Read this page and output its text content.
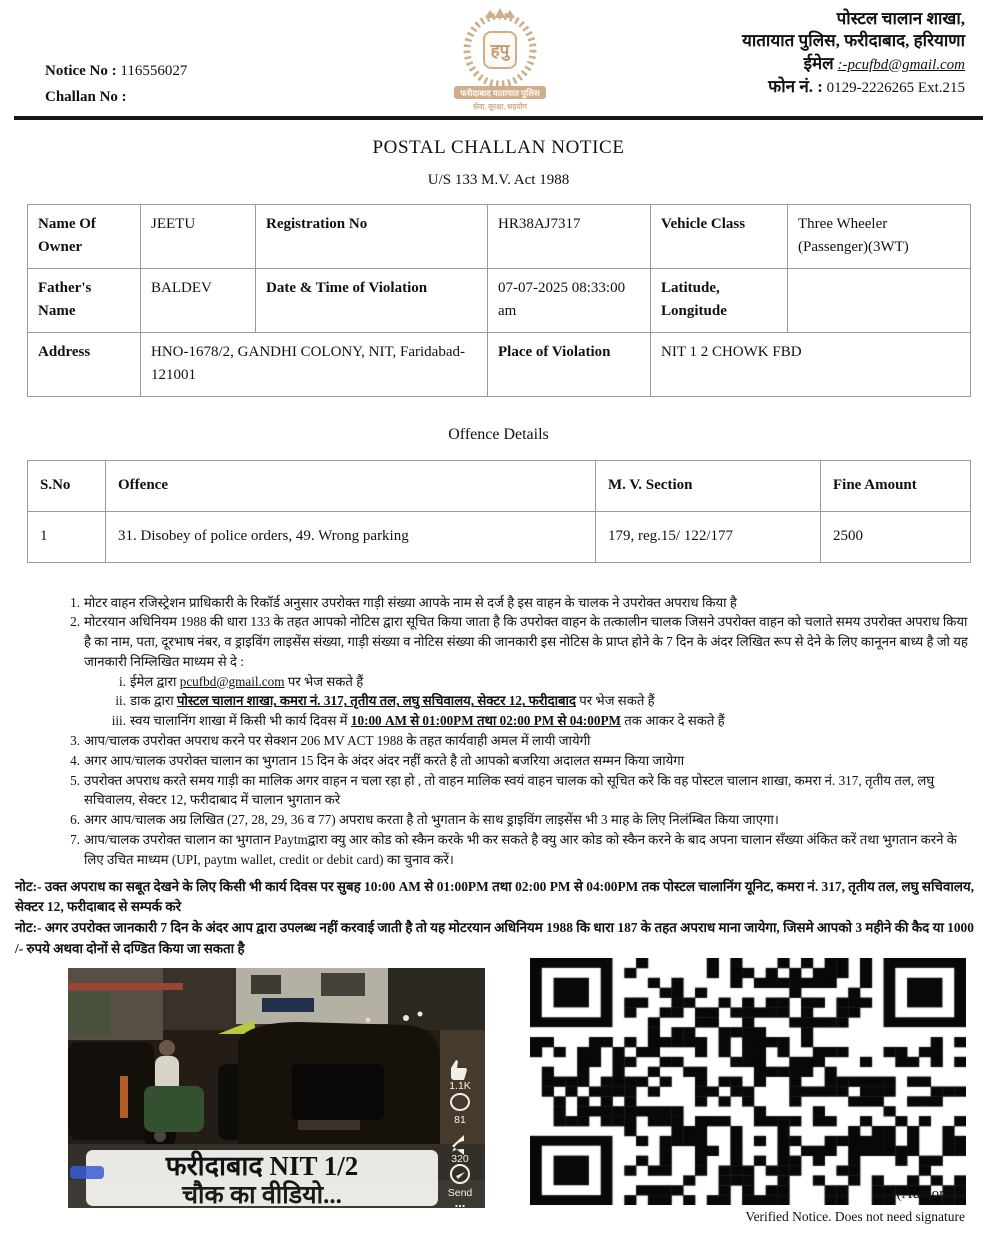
Notice No : 116556027
Challan No :
हपु
फरीदाबाद यातायात पुलिस
सेवा, सुरक्षा, सहयोग
पोस्टल चालान शाखा,
यातायात पुलिस, फरीदाबाद, हरियाणा
ईमेल :-pcufbd@gmail.com
फोन नं. : 0129-2226265 Ext.215
POSTAL CHALLAN NOTICE
U/S 133 M.V. Act 1988
Name Of Owner	JEETU	Registration No	HR38AJ7317	Vehicle Class	Three Wheeler (Passenger)(3WT)
Father's Name	BALDEV	Date & Time of Violation	07-07-2025 08:33:00 am	Latitude, Longitude	
Address	HNO-1678/2, GANDHI COLONY, NIT, Faridabad-121001		Place of Violation	NIT 1 2 CHOWK FBD	
Offence Details
S.No	Offence	M. V. Section	Fine Amount
1	31. Disobey of police orders, 49. Wrong parking	179, reg.15/ 122/177	2500
1. मोटर वाहन रजिस्ट्रेशन प्राधिकारी के रिकॉर्ड अनुसार उपरोक्त गाड़ी संख्या आपके नाम से दर्ज है इस वाहन के चालक ने उपरोक्त अपराध किया है
2. मोटरयान अधिनियम 1988 की धारा 133 के तहत आपको नोटिस द्वारा सूचित किया जाता है कि उपरोक्त वाहन के तत्कालीन चालक जिसने उपरोक्त वाहन को चलाते समय उपरोक्त अपराध किया है का नाम, पता, दूरभाष नंबर, व ड्राइविंग लाइसेंस संख्या, गाड़ी संख्या व नोटिस संख्या की जानकारी इस नोटिस के प्राप्त होने के 7 दिन के अंदर लिखित रूप से देने के लिए कानूनन बाध्य है जो यह जानकारी निम्लिखित माध्यम से दे :
i. ईमेल द्वारा pcufbd@gmail.com पर भेज सकते हैं
ii. डाक द्वारा पोस्टल चालान शाखा, कमरा नं. 317, तृतीय तल, लघु सचिवालय, सेक्टर 12, फरीदाबाद पर भेज सकते हैं
iii. स्वय चालानिंग शाखा में किसी भी कार्य दिवस में 10:00 AM से 01:00PM तथा 02:00 PM से 04:00PM तक आकर दे सकते हैं
3. आप/चालक उपरोक्त अपराध करने पर सेक्शन 206 MV ACT 1988 के तहत कार्यवाही अमल में लायी जायेगी
4. अगर आप/चालक उपरोक्त चालान का भुगतान 15 दिन के अंदर अंदर नहीं करते है तो आपको बजरिया अदालत सम्मन किया जायेगा
5. उपरोक्त अपराध करते समय गाड़ी का मालिक अगर वाहन न चला रहा हो , तो वाहन मालिक स्वयं वाहन चालक को सूचित करे कि वह पोस्टल चालान शाखा, कमरा नं. 317, तृतीय तल, लघु सचिवालय, सेक्टर 12, फरीदाबाद में चालान भुगतान करे
6. अगर आप/चालक अग्र लिखित (27, 28, 29, 36 व 77) अपराध करता है तो भुगतान के साथ ड्राइविंग लाइसेंस भी 3 माह के लिए निलंम्बित किया जाएगा।
7. आप/चालक उपरोक्त चालान का भुगतान Paytmद्वारा क्यु आर कोड को स्कैन करके भी कर सकते है क्यु आर कोड को स्कैन करने के बाद अपना चालान सँख्या अंकित करें तथा भुगतान करने के लिए उचित माध्यम (UPI, paytm wallet, credit or debit card) का चुनाव करें।
नोट:- उक्त अपराध का सबूत देखने के लिए किसी भी कार्य दिवस पर सुबह 10:00 AM से 01:00PM तथा 02:00 PM से 04:00PM तक पोस्टल चालानिंग यूनिट, कमरा नं. 317, तृतीय तल, लघु सचिवालय, सेक्टर 12, फरीदाबाद से सम्पर्क करे
नोट:- अगर उपरोक्त जानकारी 7 दिन के अंदर आप द्वारा उपलब्ध नहीं करवाई जाती है तो यह मोटरयान अधिनियम 1988 कि धारा 187 के तहत अपराध माना जायेगा, जिसमे आपको 3 महीने की कैद या 1000 /- रुपये अथवा दोनों से दण्डित किया जा सकता है
1.1K
81
320
Send
...
फरीदाबाद NIT 1/2
चौक का वीडियो...	(Authority)
Verified Notice. Does not need signature
